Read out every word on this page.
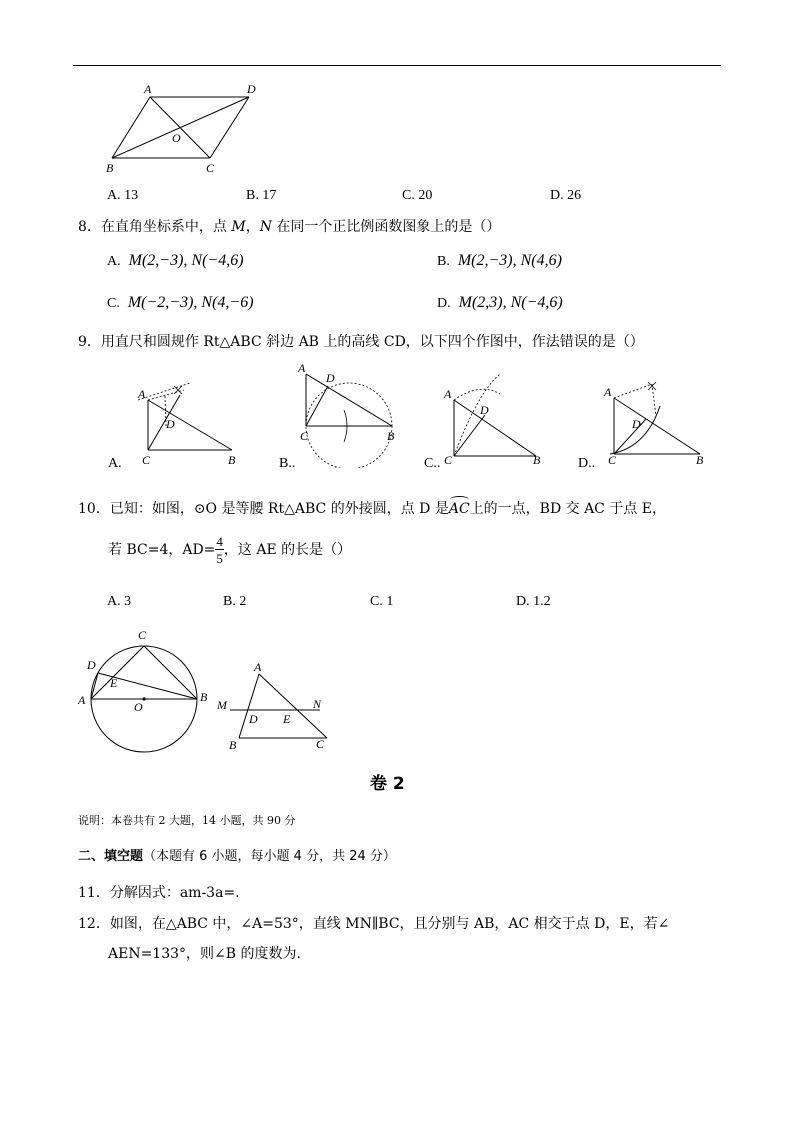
A	D
O
B	C
A. 13	B. 17	C. 20	D. 26
8．在直角坐标系中，点 M，N 在同一个正比例函数图象上的是（）
A. M(2,−3), N(−4,6)	B. M(2,−3), N(4,6)
C. M(−2,−3), N(4,−6)	D. M(2,3), N(−4,6)
9．用直尺和圆规作 Rt△ABC 斜边 AB 上的高线 CD，以下四个作图中，作法错误的是（）
A
D
C	B
A.
A
D
C	B
B..
A
D
C	B
C..
A
D
C	B
D..
10．已知：如图，⊙O 是等腰 Rt△ABC 的外接圆，点 D 是AC上的一点，BD 交 AC 于点 E，
若 BC=4，$AD= \frac{4}{5}$ ，这 AE 的长是（）
A. 3	B. 2	C. 1	D. 1.2
C
D
E
A	B
O
A
M	N
D E
B	C
卷 2
说明：本卷共有 2 大题，14 小题，共 90 分
二、填空题（本题有 6 小题，每小题 4 分，共 24 分）
11．分解因式：am-3a=.
12．如图，在△ABC 中，∠A=53°，直线 MN∥BC，且分别与 AB，AC 相交于点 D，E，若∠
AEN=133°，则∠B 的度数为.
